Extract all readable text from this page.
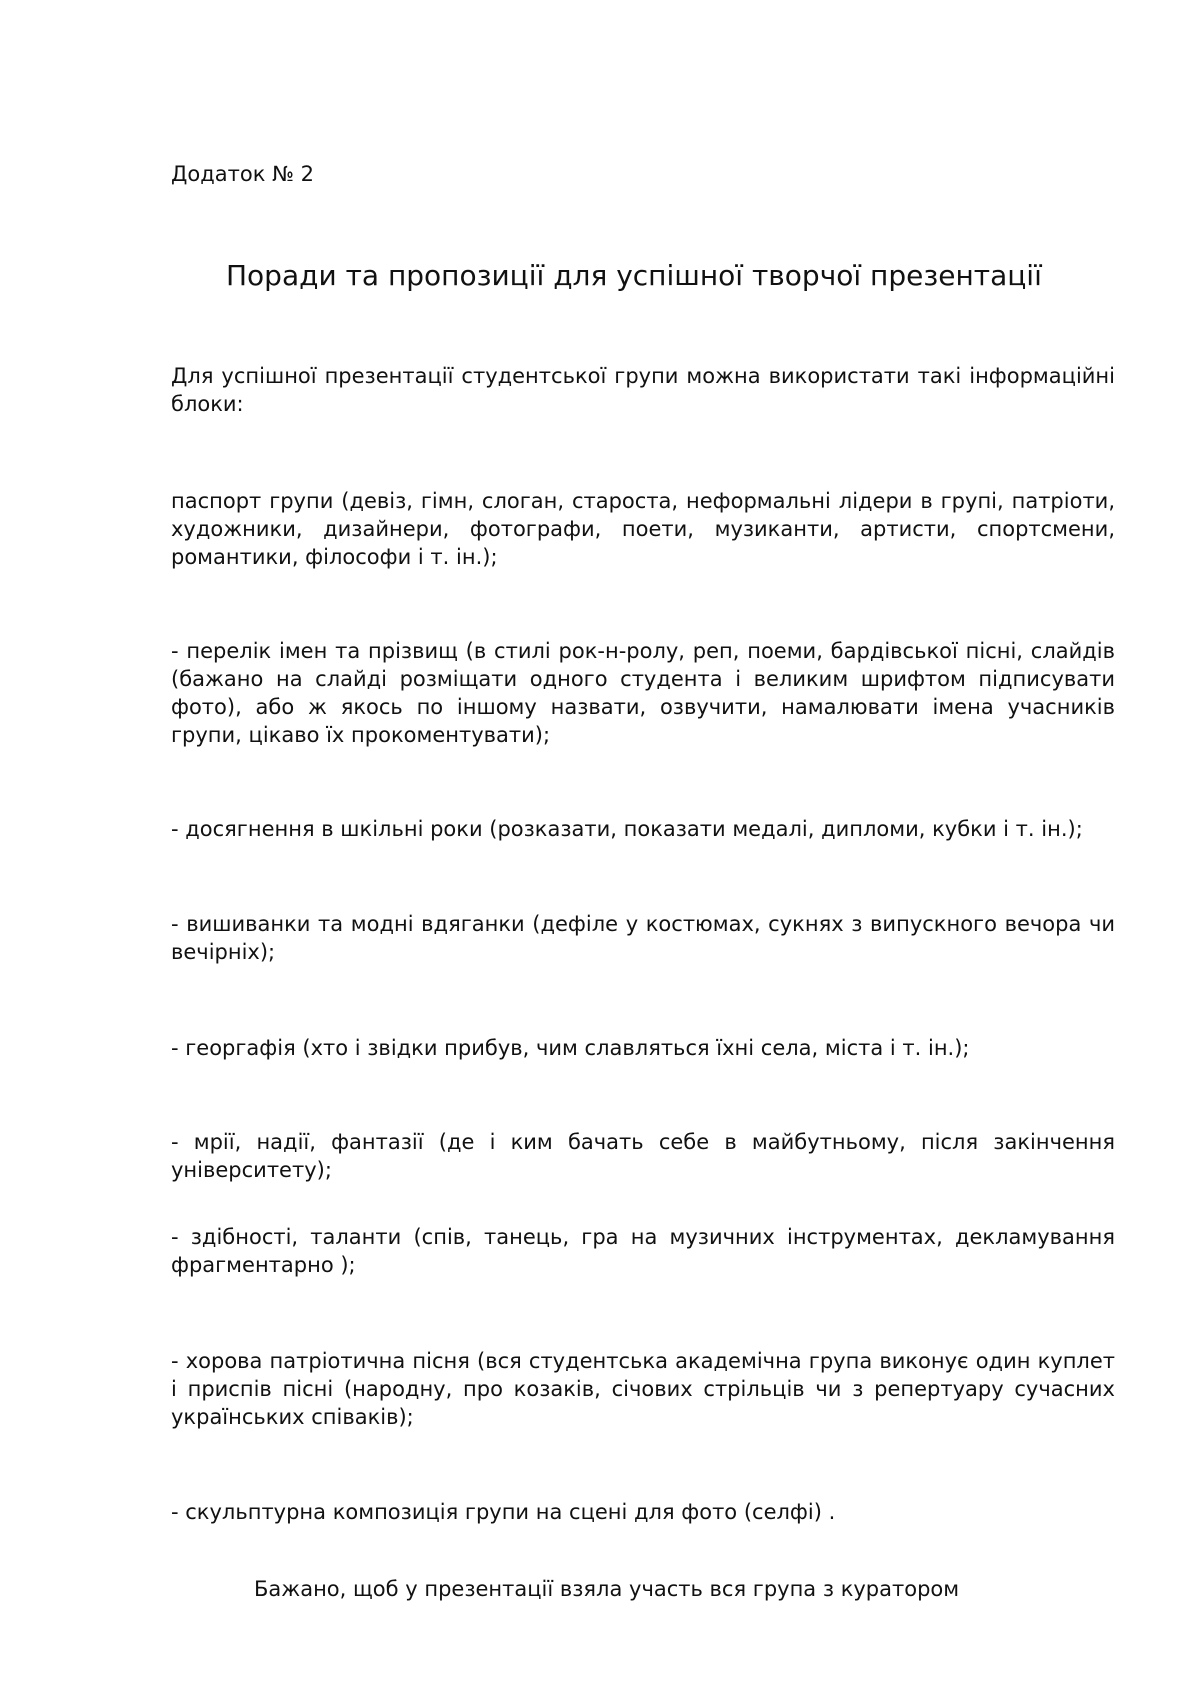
Додаток № 2

Поради та пропозиції для успішної творчої презентації

Для успішної презентації студентської групи можна використати такі інформаційні блоки:

паспорт групи (девіз, гімн, слоган, староста, неформальні лідери в групі, патріоти, художники, дизайнери, фотографи, поети, музиканти, артисти, спортсмени, романтики, філософи і т. ін.);

- перелік імен та прізвищ (в стилі рок-н-ролу, реп, поеми, бардівської пісні, слайдів (бажано на слайді розміщати одного студента і великим шрифтом підписувати фото), або ж якось по іншому назвати, озвучити, намалювати імена учасників групи, цікаво їх прокоментувати);

- досягнення в шкільні роки (розказати, показати медалі, дипломи, кубки і т. ін.);

- вишиванки та модні вдяганки (дефіле у костюмах, сукнях з випускного вечора чи вечірніх);

- георгафія (хто і звідки прибув, чим славляться їхні села, міста і т. ін.);

- мрії, надії, фантазії (де і ким бачать себе в майбутньому, після закінчення університету);

- здібності, таланти (спів, танець, гра на музичних інструментах, декламування фрагментарно );

- хорова патріотична пісня (вся студентська академічна група виконує один куплет і приспів пісні (народну, про козаків, січових стрільців чи з репертуару сучасних українських співаків);

- скульптурна композиція групи на сцені для фото (селфі) .

Бажано, щоб у презентації взяла участь вся група з куратором
